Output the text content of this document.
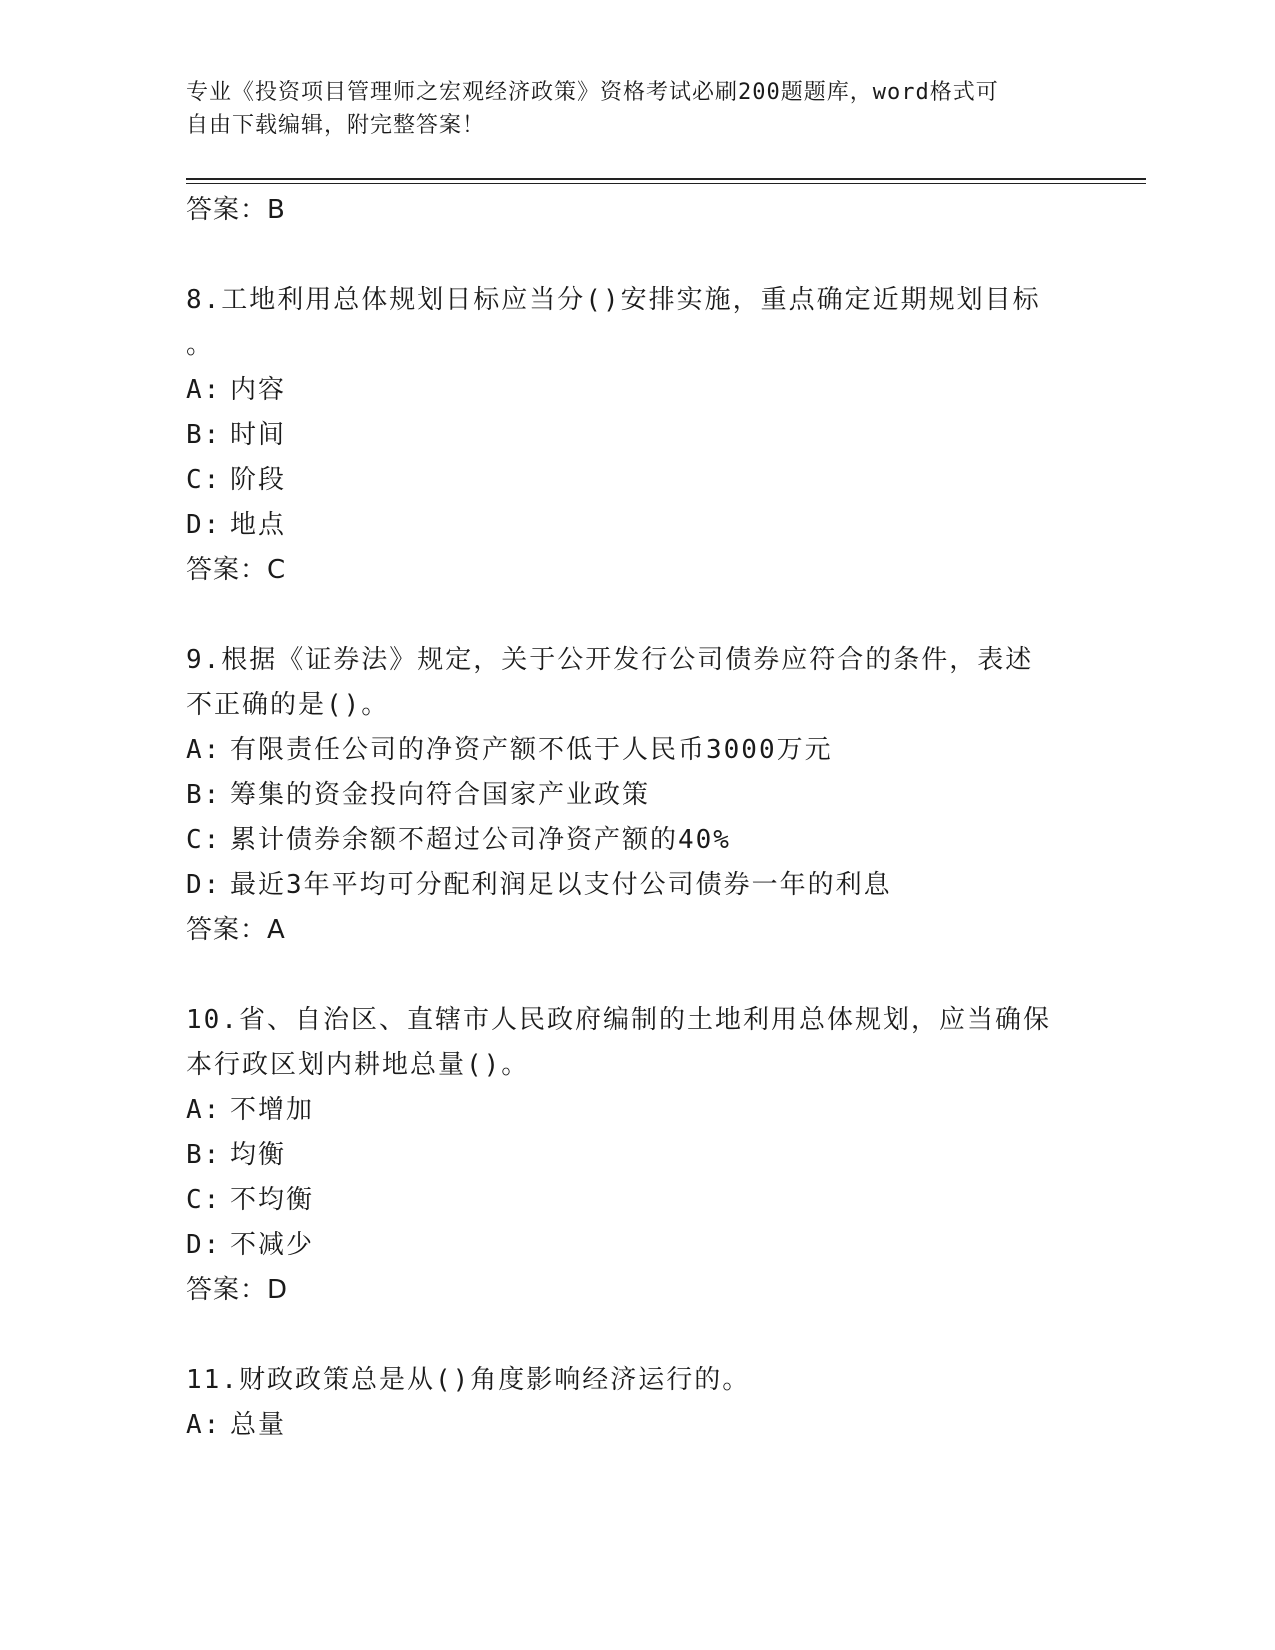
专业《投资项目管理师之宏观经济政策》资格考试必刷200题题库，word格式可
自由下载编辑，附完整答案！
答案：B
8.工地利用总体规划日标应当分()安排实施，重点确定近期规划目标
。
A: 内容
B: 时间
C: 阶段
D: 地点
答案：C
9.根据《证券法》规定，关于公开发行公司债券应符合的条件，表述
不正确的是()。
A: 有限责任公司的净资产额不低于人民币3000万元
B: 筹集的资金投向符合国家产业政策
C: 累计债券余额不超过公司净资产额的40%
D: 最近3年平均可分配利润足以支付公司债券一年的利息
答案：A
10.省、自治区、直辖市人民政府编制的土地利用总体规划，应当确保
本行政区划内耕地总量()。
A: 不增加
B: 均衡
C: 不均衡
D: 不减少
答案：D
11.财政政策总是从()角度影响经济运行的。
A: 总量
